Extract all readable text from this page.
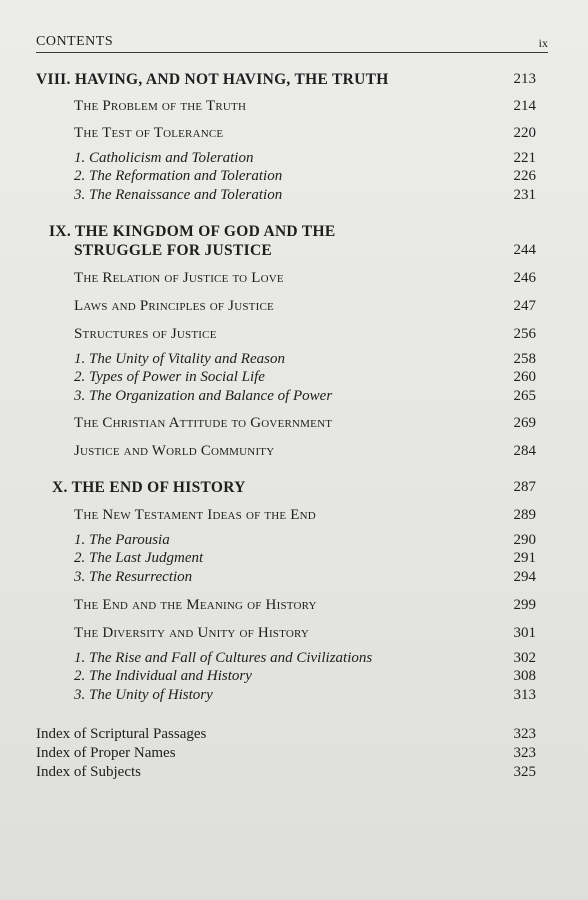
CONTENTS	ix
VIII. HAVING, AND NOT HAVING, THE TRUTH	213
The Problem of the Truth	214
The Test of Tolerance	220
1. Catholicism and Toleration	221
2. The Reformation and Toleration	226
3. The Renaissance and Toleration	231
IX. THE KINGDOM OF GOD AND THE
STRUGGLE FOR JUSTICE	244
The Relation of Justice to Love	246
Laws and Principles of Justice	247
Structures of Justice	256
1. The Unity of Vitality and Reason	258
2. Types of Power in Social Life	260
3. The Organization and Balance of Power	265
The Christian Attitude to Government	269
Justice and World Community	284
X. THE END OF HISTORY	287
The New Testament Ideas of the End	289
1. The Parousia	290
2. The Last Judgment	291
3. The Resurrection	294
The End and the Meaning of History	299
The Diversity and Unity of History	301
1. The Rise and Fall of Cultures and Civilizations	302
2. The Individual and History	308
3. The Unity of History	313
Index of Scriptural Passages	323
Index of Proper Names	323
Index of Subjects	325
